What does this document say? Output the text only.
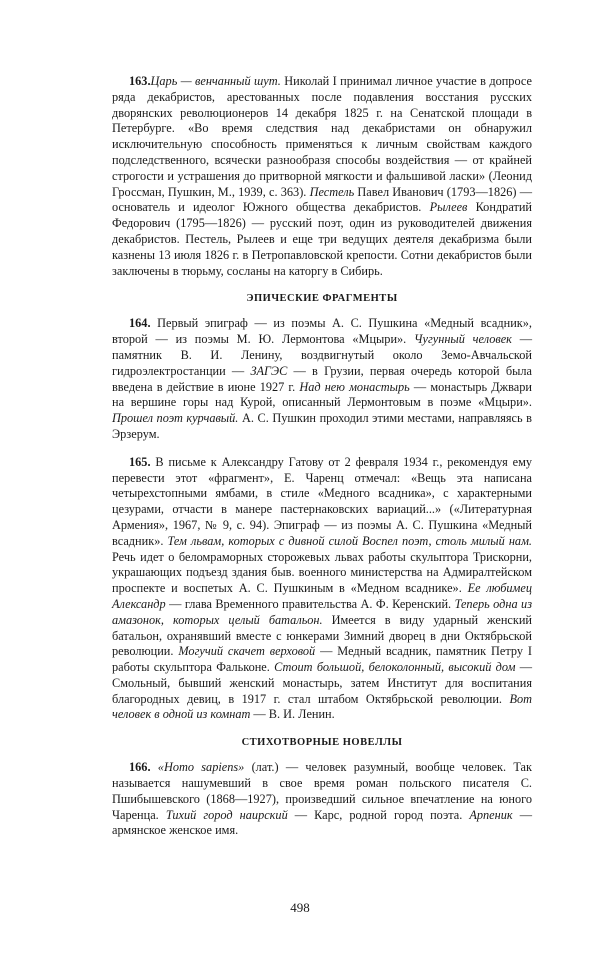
163.Царь — венчанный шут. Николай I принимал личное участие в допросе ряда декабристов, арестованных после подавления восстания русских дворянских революционеров 14 декабря 1825 г. на Сенатской площади в Петербурге. «Во время следствия над декабристами он обнаружил исключительную способность применяться к личным свойствам каждого подследственного, всячески разнообразя способы воздействия — от крайней строгости и устрашения до притворной мягкости и фальшивой ласки» (Леонид Гроссман, Пушкин, М., 1939, с. 363). Пестель Павел Иванович (1793—1826) — основатель и идеолог Южного общества декабристов. Рылеев Кондратий Федорович (1795—1826) — русский поэт, один из руководителей движения декабристов. Пестель, Рылеев и еще три ведущих деятеля декабризма были казнены 13 июля 1826 г. в Петропавловской крепости. Сотни декабристов были заключены в тюрьму, сосланы на каторгу в Сибирь.

ЭПИЧЕСКИЕ ФРАГМЕНТЫ

164. Первый эпиграф — из поэмы А. С. Пушкина «Медный всадник», второй — из поэмы М. Ю. Лермонтова «Мцыри». Чугунный человек — памятник В. И. Ленину, воздвигнутый около Земо-Авчальской гидроэлектростанции — ЗАГЭС — в Грузии, первая очередь которой была введена в действие в июне 1927 г. Над нею монастырь — монастырь Джвари на вершине горы над Курой, описанный Лермонтовым в поэме «Мцыри». Прошел поэт курчавый. А. С. Пушкин проходил этими местами, направляясь в Эрзерум.

165. В письме к Александру Гатову от 2 февраля 1934 г., рекомендуя ему перевести этот «фрагмент», Е. Чаренц отмечал: «Вещь эта написана четырехстопными ямбами, в стиле «Медного всадника», с характерными цезурами, отчасти в манере пастернаковских вариаций...» («Литературная Армения», 1967, № 9, с. 94). Эпиграф — из поэмы А. С. Пушкина «Медный всадник». Тем львам, которых с дивной силой Воспел поэт, столь милый нам. Речь идет о беломраморных сторожевых львах работы скульптора Трискорни, украшающих подъезд здания быв. военного министерства на Адмиралтейском проспекте и воспетых А. С. Пушкиным в «Медном всаднике». Ее любимец Александр — глава Временного правительства А. Ф. Керенский. Теперь одна из амазонок, которых целый батальон. Имеется в виду ударный женский батальон, охранявший вместе с юнкерами Зимний дворец в дни Октябрьской революции. Могучий скачет верховой — Медный всадник, памятник Петру I работы скульптора Фальконе. Стоит большой, белоколонный, высокий дом — Смольный, бывший женский монастырь, затем Институт для воспитания благородных девиц, в 1917 г. стал штабом Октябрьской революции. Вот человек в одной из комнат — В. И. Ленин.

СТИХОТВОРНЫЕ НОВЕЛЛЫ

166. «Homo sapiens» (лат.) — человек разумный, вообще человек. Так называется нашумевший в свое время роман польского писателя С. Пшибышевского (1868—1927), произведший сильное впечатление на юного Чаренца. Тихий город наирский — Карс, родной город поэта. Арпеник — армянское женское имя.

498
